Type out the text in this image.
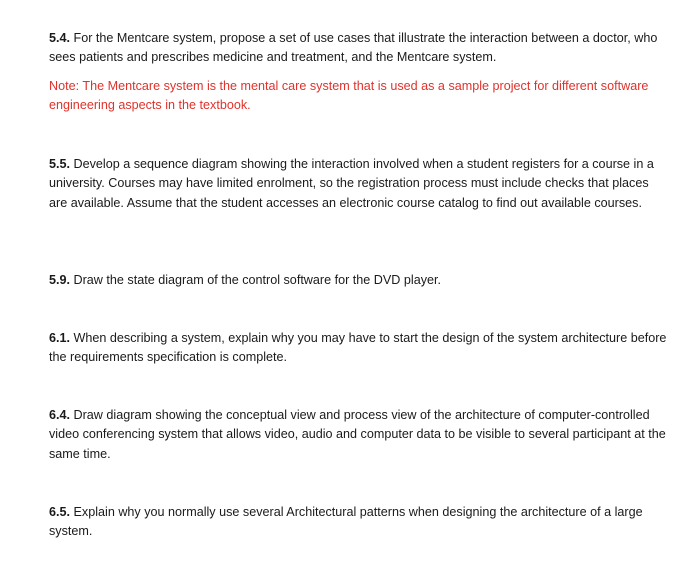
5.4. For the Mentcare system, propose a set of use cases that illustrate the interaction between a doctor, who sees patients and prescribes medicine and treatment, and the Mentcare system.

Note: The Mentcare system is the mental care system that is used as a sample project for different software engineering aspects in the textbook.

5.5. Develop a sequence diagram showing the interaction involved when a student registers for a course in a university. Courses may have limited enrolment, so the registration process must include checks that places are available. Assume that the student accesses an electronic course catalog to find out available courses.

5.9. Draw the state diagram of the control software for the DVD player.

6.1. When describing a system, explain why you may have to start the design of the system architecture before the requirements specification is complete.

6.4. Draw diagram showing the conceptual view and process view of the architecture of computer-controlled video conferencing system that allows video, audio and computer data to be visible to several participant at the same time.

6.5. Explain why you normally use several Architectural patterns when designing the architecture of a large system.
